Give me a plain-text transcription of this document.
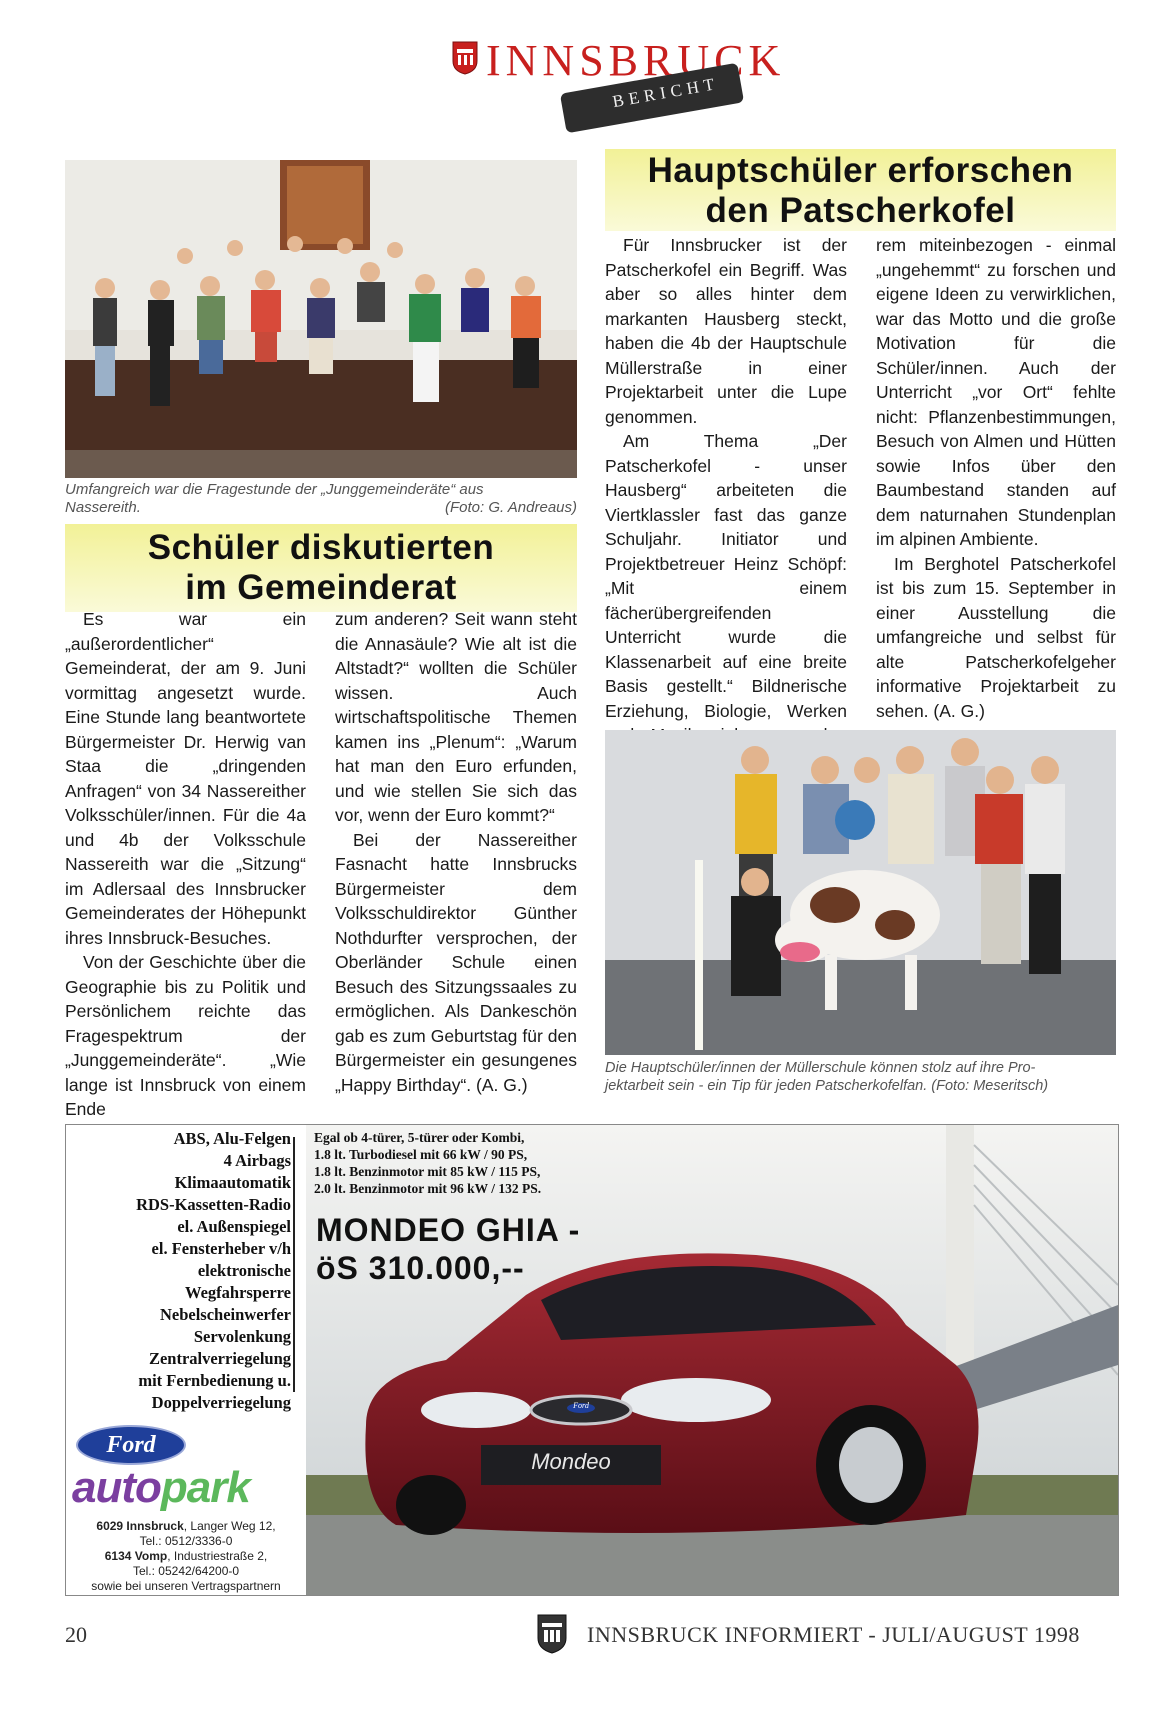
INNSBRUCK
BERICHT
Umfangreich war die Fragestunde der „Junggemeinderäte“ aus
Nassereith.	(Foto: G. Andreaus)
Schüler diskutierten
im Gemeinderat

Es war ein „außerordentlicher“ Gemeinderat, der am 9. Juni vormittag angesetzt wurde. Eine Stunde lang beantwortete Bürgermeister Dr. Herwig van Staa die „dringenden Anfragen“ von 34 Nassereither Volksschüler/innen. Für die 4a und 4b der Volksschule Nassereith war die „Sitzung“ im Adlersaal des Innsbrucker Gemeinderates der Höhepunkt ihres Innsbruck-Besuches.

Von der Geschichte über die Geographie bis zu Politik und Persönlichem reichte das Fragespektrum der „Junggemeinderäte“. „Wie lange ist Innsbruck von einem Ende

zum anderen? Seit wann steht die Annasäule? Wie alt ist die Altstadt?“ wollten die Schüler wissen. Auch wirtschaftspolitische Themen kamen ins „Plenum“: „Warum hat man den Euro erfunden, und wie stellen Sie sich das vor, wenn der Euro kommt?“

Bei der Nassereither Fasnacht hatte Innsbrucks Bürgermeister dem Volksschuldirektor Günther Nothdurfter versprochen, der Oberländer Schule einen Besuch des Sitzungssaales zu ermöglichen. Als Dankeschön gab es zum Geburtstag für den Bürgermeister ein gesungenes „Happy Birthday“. (A. G.)

Hauptschüler erforschen
den Patscherkofel

Für Innsbrucker ist der Patscherkofel ein Begriff. Was aber so alles hinter dem markanten Hausberg steckt, haben die 4b der Hauptschule Müllerstraße in einer Projektarbeit unter die Lupe genommen.

Am Thema „Der Patscherkofel - unser Hausberg“ arbeiteten die Viertklassler fast das ganze Schuljahr. Initiator und Projektbetreuer Heinz Schöpf: „Mit einem fächerübergreifenden Unterricht wurde die Klassenarbeit auf eine breite Basis gestellt.“ Bildnerische Erziehung, Biologie, Werken

rem miteinbezogen - einmal „ungehemmt“ zu forschen und eigene Ideen zu verwirklichen, war das Motto und die große Motivation für die Schüler/innen. Auch der Unterricht „vor Ort“ fehlte nicht: Pflanzenbestimmungen, Besuch von Almen und Hütten sowie Infos über den Baumbestand standen auf dem naturnahen Stundenplan im alpinen Ambiente.

Im Berghotel Patscherkofel ist bis zum 15. September in einer Ausstellung die umfangreiche und selbst für alte Patscherkofelgeher informative Projektarbeit zu sehen. (A. G.)

Die Hauptschüler/innen der Müllerschule können stolz auf ihre Pro-
jektarbeit sein - ein Tip für jeden Patscherkofelfan. (Foto: Meseritsch)

ABS, Alu-Felgen

4 Airbags

Klimaautomatik

RDS-Kassetten-Radio

el. Außenspiegel

el. Fensterheber v/h

elektronische

Wegfahrsperre

Nebelscheinwerfer

Servolenkung

Zentralverriegelung

mit Fernbedienung u.

Doppelverriegelung

Ford
autopark

6029 Innsbruck, Langer Weg 12,

Tel.: 0512/3336-0

6134 Vomp, Industriestraße 2,

Tel.: 05242/64200-0

sowie bei unseren Vertragspartnern

Egal ob 4-türer, 5-türer oder Kombi,

1.8 lt. Turbodiesel mit 66 kW / 90 PS,

1.8 lt. Benzinmotor mit 85 kW / 115 PS,

2.0 lt. Benzinmotor mit 96 kW / 132 PS.

MONDEO GHIA -
öS 310.000,--
Mondeo
Ford
20	INNSBRUCK INFORMIERT - JULI/AUGUST 1998
